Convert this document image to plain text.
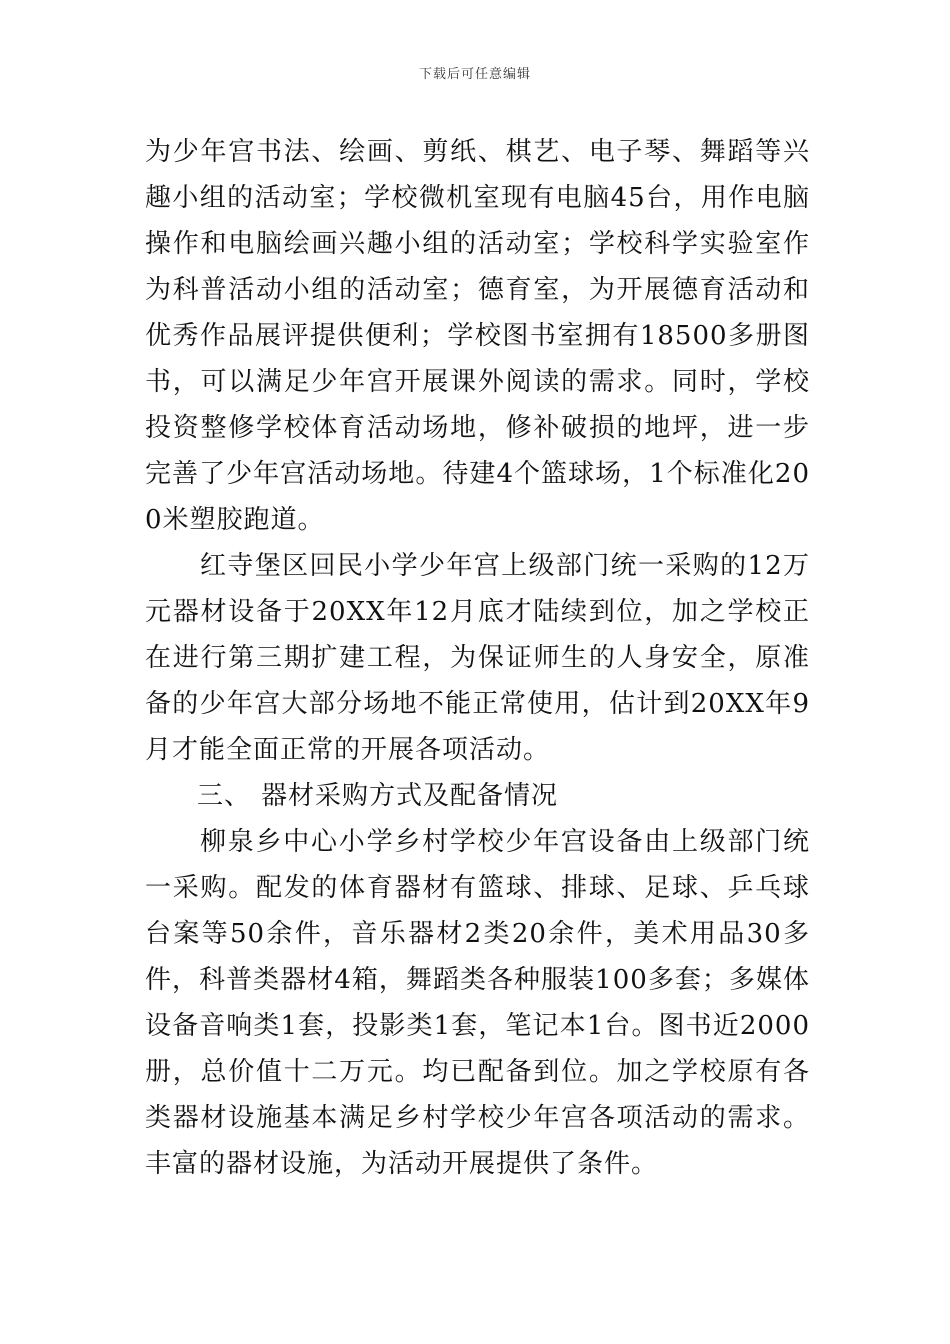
下载后可任意编辑

为少年宫书法、绘画、剪纸、棋艺、电子琴、舞蹈等兴趣小组的活动室；学校微机室现有电脑45台，用作电脑操作和电脑绘画兴趣小组的活动室；学校科学实验室作为科普活动小组的活动室；德育室，为开展德育活动和优秀作品展评提供便利；学校图书室拥有18500多册图书，可以满足少年宫开展课外阅读的需求。同时，学校投资整修学校体育活动场地，修补破损的地坪，进一步完善了少年宫活动场地。待建4个篮球场，1个标准化200米塑胶跑道。

红寺堡区回民小学少年宫上级部门统一采购的12万元器材设备于20XX年12月底才陆续到位，加之学校正在进行第三期扩建工程，为保证师生的人身安全，原准备的少年宫大部分场地不能正常使用，估计到20XX年9月才能全面正常的开展各项活动。

三、 器材采购方式及配备情况

柳泉乡中心小学乡村学校少年宫设备由上级部门统一采购。配发的体育器材有篮球、排球、足球、乒乓球台案等50余件，音乐器材2类20余件，美术用品30多件，科普类器材4箱，舞蹈类各种服装100多套；多媒体设备音响类1套，投影类1套，笔记本1台。图书近2000册，总价值十二万元。均已配备到位。加之学校原有各类器材设施基本满足乡村学校少年宫各项活动的需求。丰富的器材设施，为活动开展提供了条件。
